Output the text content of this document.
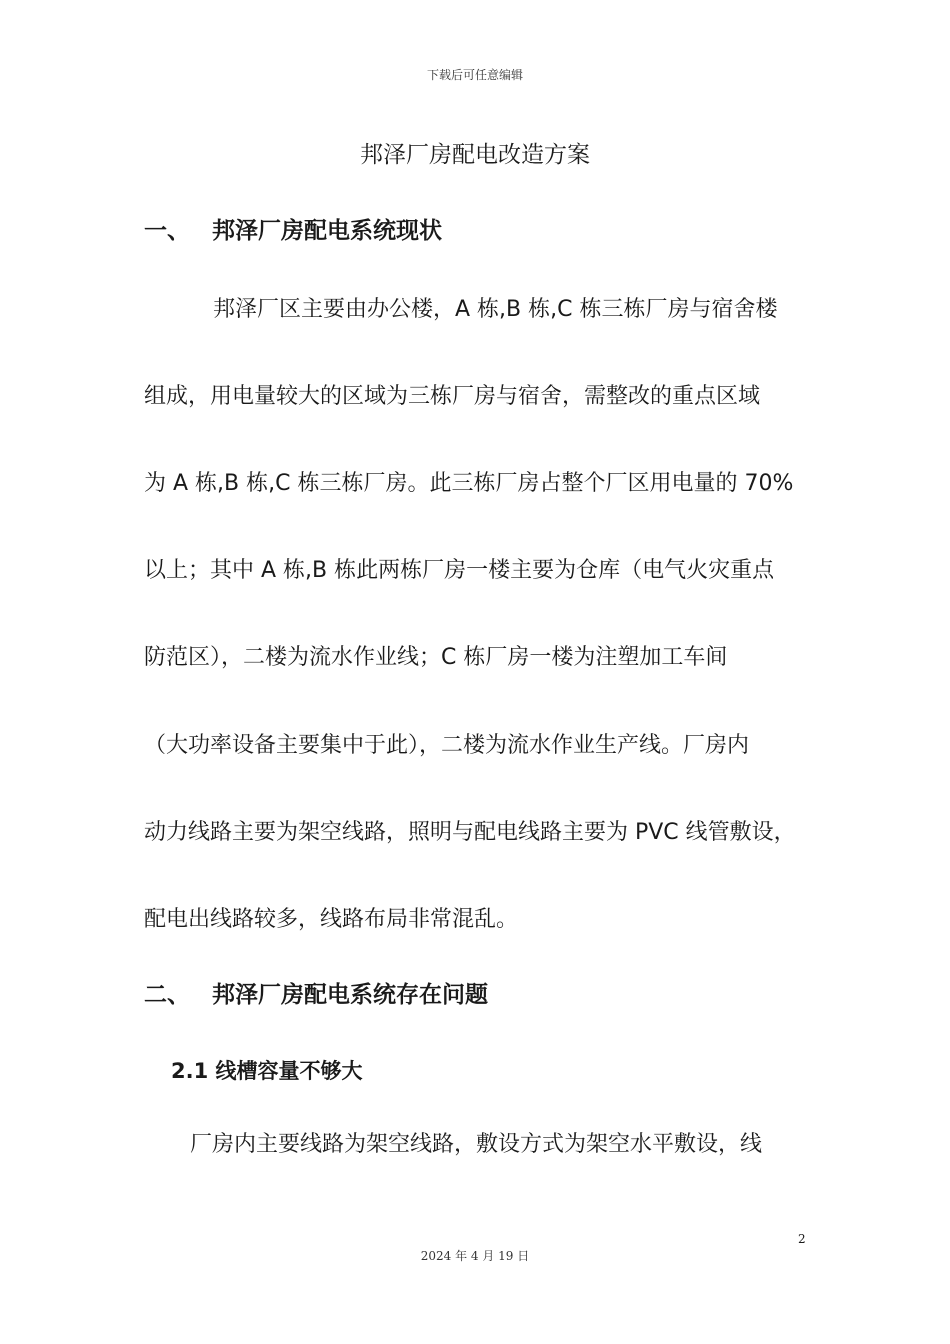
下载后可任意编辑
邦泽厂房配电改造方案
一、 邦泽厂房配电系统现状
邦泽厂区主要由办公楼，A 栋,B 栋,C 栋三栋厂房与宿舍楼
组成，用电量较大的区域为三栋厂房与宿舍，需整改的重点区域
为 A 栋,B 栋,C 栋三栋厂房。此三栋厂房占整个厂区用电量的 70%
以上；其中 A 栋,B 栋此两栋厂房一楼主要为仓库（电气火灾重点
防范区），二楼为流水作业线；C 栋厂房一楼为注塑加工车间
（大功率设备主要集中于此），二楼为流水作业生产线。厂房内
动力线路主要为架空线路，照明与配电线路主要为 PVC 线管敷设，
配电出线路较多，线路布局非常混乱。
二、 邦泽厂房配电系统存在问题
2.1 线槽容量不够大
厂房内主要线路为架空线路，敷设方式为架空水平敷设，线
2
2024 年 4 月 19 日
